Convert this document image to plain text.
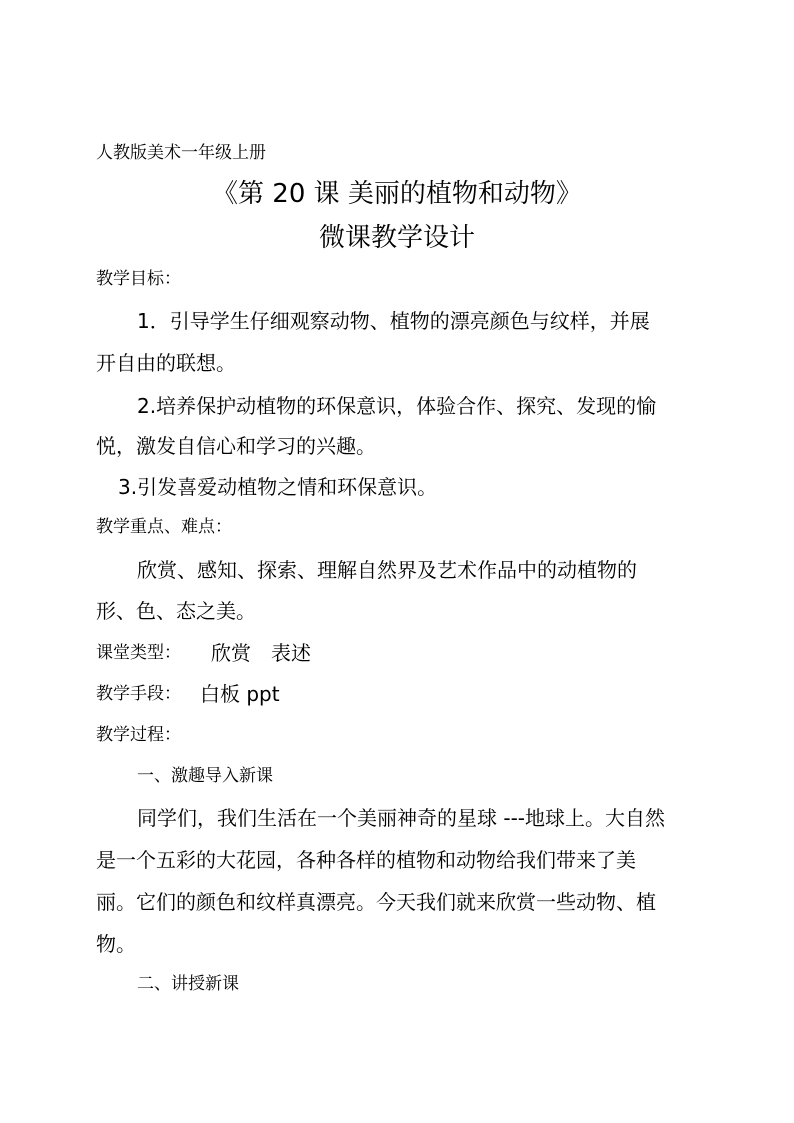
人教版美术一年级上册
《第 20 课 美丽的植物和动物》
微课教学设计
教学目标：
1．引导学生仔细观察动物、植物的漂亮颜色与纹样，并展
开自由的联想。
2.培养保护动植物的环保意识，体验合作、探究、发现的愉
悦，激发自信心和学习的兴趣。
3.引发喜爱动植物之情和环保意识。
教学重点、难点：
欣赏、感知、探索、理解自然界及艺术作品中的动植物的
形、色、态之美。
课堂类型： 欣赏　表述
教学手段： 白板 ppt
教学过程：
一、激趣导入新课
同学们，我们生活在一个美丽神奇的星球 ---地球上。大自然
是一个五彩的大花园，各种各样的植物和动物给我们带来了美
丽。它们的颜色和纹样真漂亮。今天我们就来欣赏一些动物、植
物。
二、讲授新课
